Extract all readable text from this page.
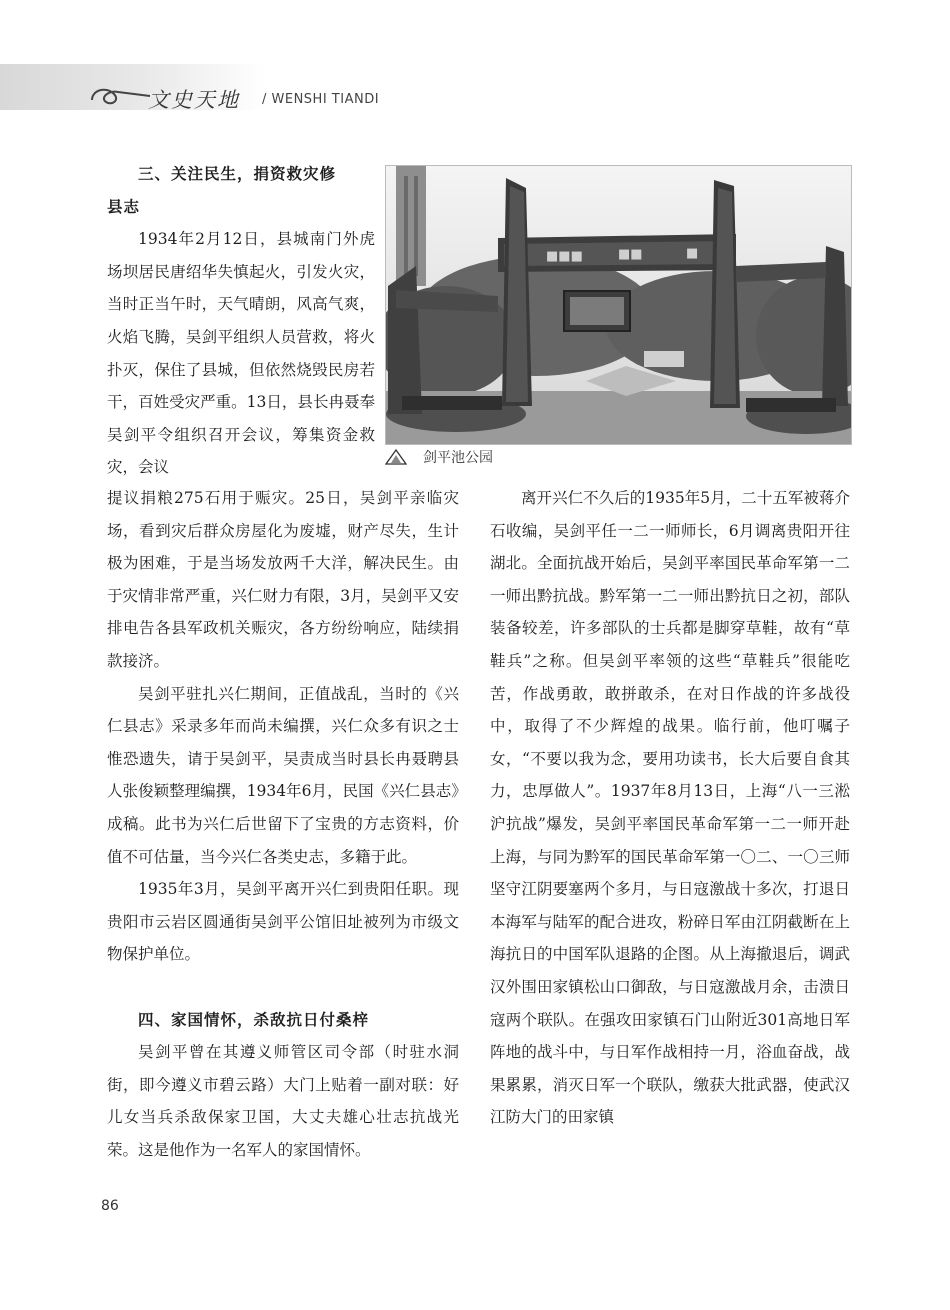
文史天地 / WENSHI TIANDI
三、关注民生，捐资救灾修
县志

1934年2月12日，县城南门外虎场坝居民唐绍华失慎起火，引发火灾，当时正当午时，天气晴朗，风高气爽，火焰飞腾，吴剑平组织人员营救，将火扑灭，保住了县城，但依然烧毁民房若干，百姓受灾严重。13日，县长冉聂奉吴剑平令组织召开会议，筹集资金救灾，会议

■■■	■■	■
剑平池公园

提议捐粮275石用于赈灾。25日，吴剑平亲临灾场，看到灾后群众房屋化为废墟，财产尽失，生计极为困难，于是当场发放两千大洋，解决民生。由于灾情非常严重，兴仁财力有限，3月，吴剑平又安排电告各县军政机关赈灾，各方纷纷响应，陆续捐款接济。

吴剑平驻扎兴仁期间，正值战乱，当时的《兴仁县志》采录多年而尚未编撰，兴仁众多有识之士惟恐遗失，请于吴剑平，吴责成当时县长冉聂聘县人张俊颖整理编撰，1934年6月，民国《兴仁县志》成稿。此书为兴仁后世留下了宝贵的方志资料，价值不可估量，当今兴仁各类史志，多籍于此。

1935年3月，吴剑平离开兴仁到贵阳任职。现贵阳市云岩区圆通街吴剑平公馆旧址被列为市级文物保护单位。

四、家国情怀，杀敌抗日付桑梓

吴剑平曾在其遵义师管区司令部（时驻水洞街，即今遵义市碧云路）大门上贴着一副对联：好儿女当兵杀敌保家卫国，大丈夫雄心壮志抗战光荣。这是他作为一名军人的家国情怀。

离开兴仁不久后的1935年5月，二十五军被蒋介石收编，吴剑平任一二一师师长，6月调离贵阳开往湖北。全面抗战开始后，吴剑平率国民革命军第一二一师出黔抗战。黔军第一二一师出黔抗日之初，部队装备较差，许多部队的士兵都是脚穿草鞋，故有“草鞋兵”之称。但吴剑平率领的这些“草鞋兵”很能吃苦，作战勇敢，敢拼敢杀，在对日作战的许多战役中，取得了不少辉煌的战果。临行前，他叮嘱子女，“不要以我为念，要用功读书，长大后要自食其力，忠厚做人”。1937年8月13日，上海“八一三淞沪抗战”爆发，吴剑平率国民革命军第一二一师开赴上海，与同为黔军的国民革命军第一〇二、一〇三师坚守江阴要塞两个多月，与日寇激战十多次，打退日本海军与陆军的配合进攻，粉碎日军由江阴截断在上海抗日的中国军队退路的企图。从上海撤退后，调武汉外围田家镇松山口御敌，与日寇激战月余，击溃日寇两个联队。在强攻田家镇石门山附近301高地日军阵地的战斗中，与日军作战相持一月，浴血奋战，战果累累，消灭日军一个联队，缴获大批武器，使武汉江防大门的田家镇

86
